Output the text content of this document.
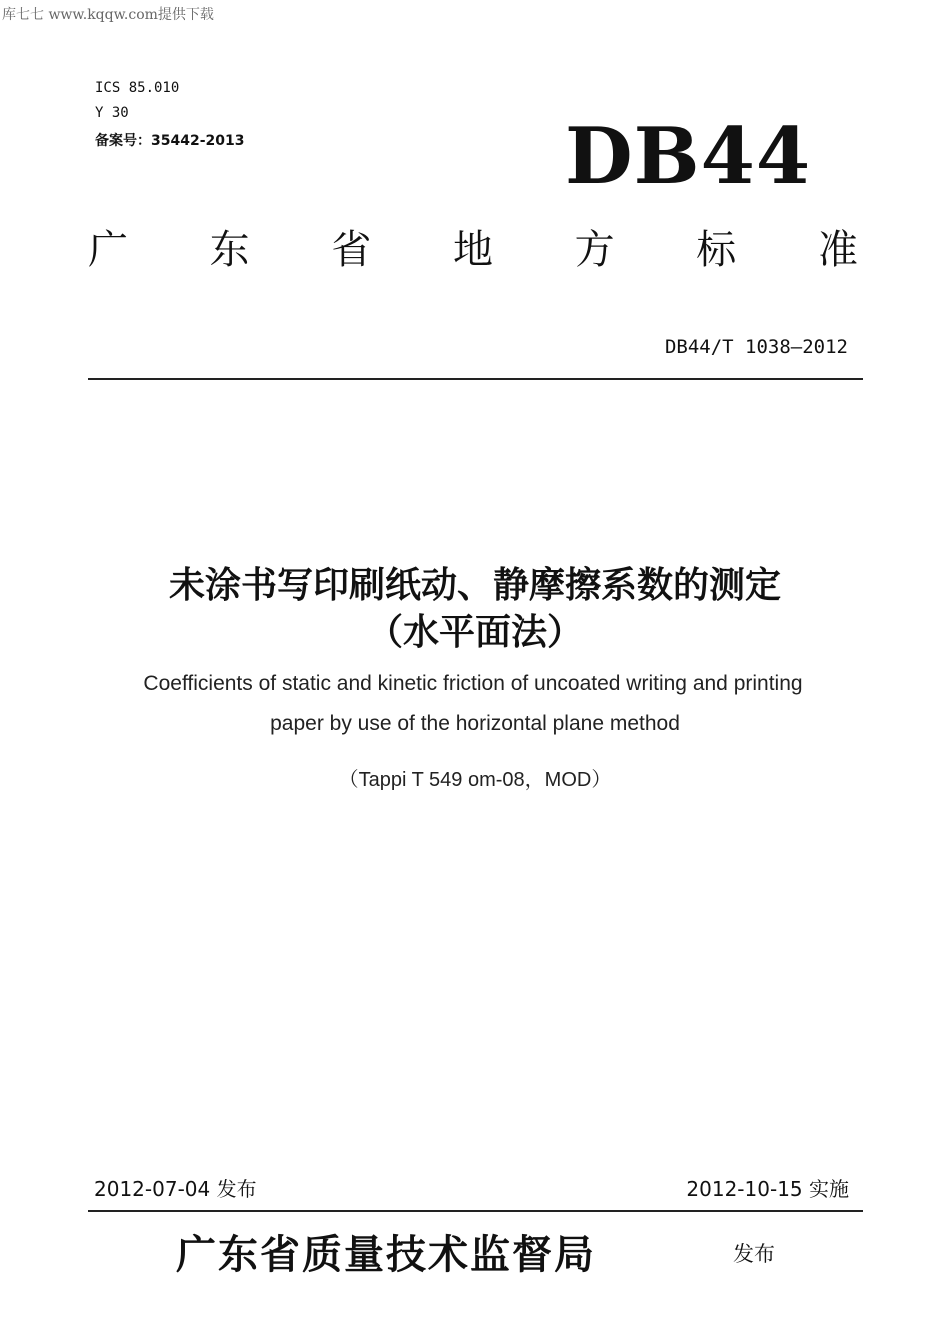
库七七 www.kqqw.com提供下载
ICS 85.010
Y 30
备案号：35442-2013	DB44
广 东 省 地 方 标 准
DB44/T 1038—2012
未涂书写印刷纸动、静摩擦系数的测定
（水平面法）
Coefficients of static and kinetic friction of uncoated writing and printing
paper by use of the horizontal plane method
（Tappi T 549 om-08，MOD）
2012-07-04 发布	2012-10-15 实施
广东省质量技术监督局	发布
